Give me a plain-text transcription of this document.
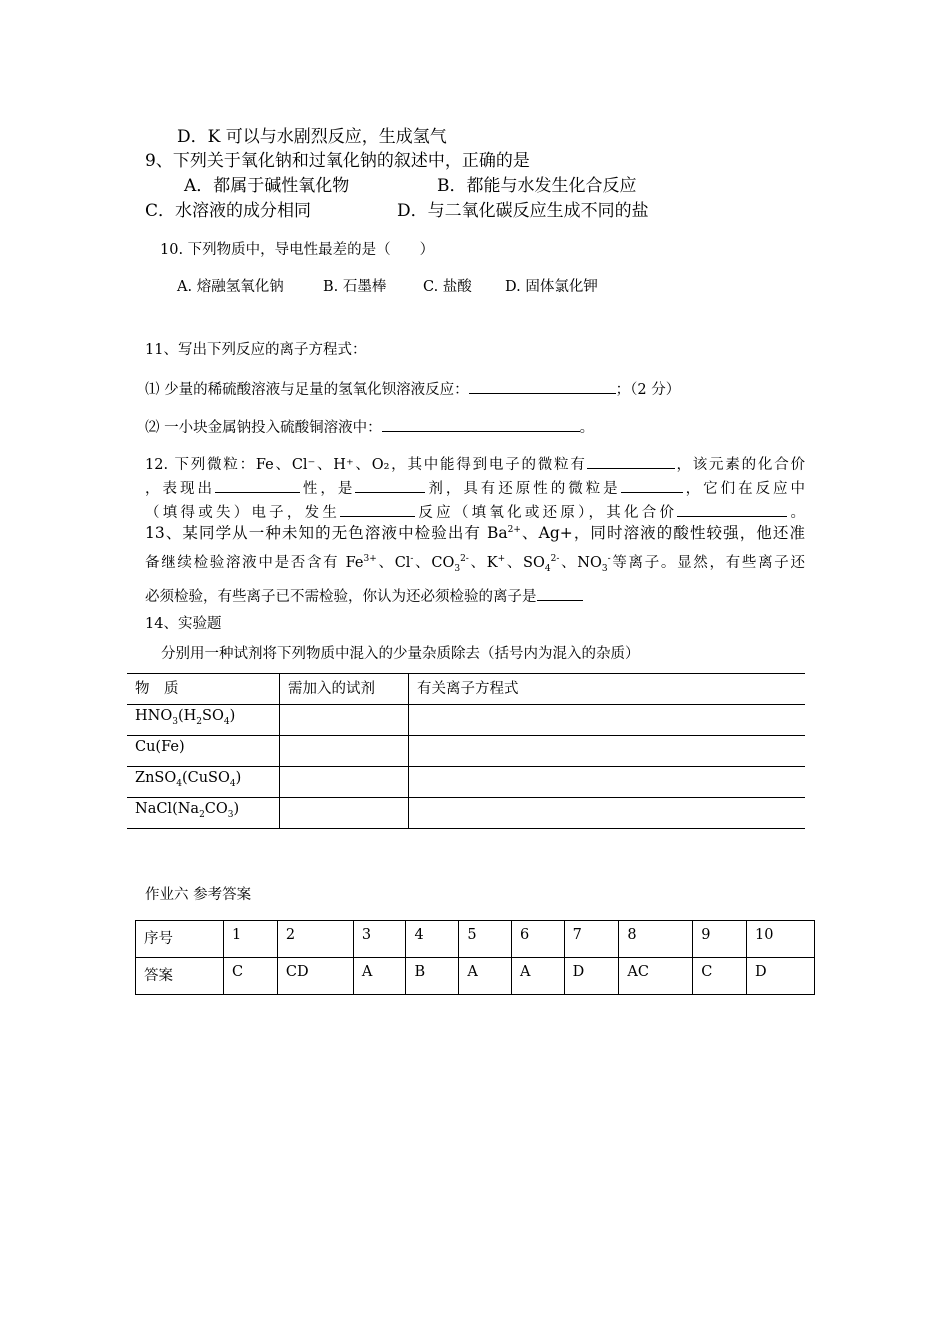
D．K 可以与水剧烈反应，生成氢气
9、下列关于氧化钠和过氧化钠的叙述中，正确的是
A．都属于碱性氧化物	B．都能与水发生化合反应
C．水溶液的成分相同	D．与二氧化碳反应生成不同的盐
10. 下列物质中，导电性最差的是（　　）
A. 熔融氢氧化钠	B. 石墨棒	C. 盐酸 D. 固体氯化钾
11、写出下列反应的离子方程式：
⑴ 少量的稀硫酸溶液与足量的氢氧化钡溶液反应：	；（2 分）
⑵ 一小块金属钠投入硫酸铜溶液中：	。
12. 下列微粒：Fe、Cl⁻、H⁺、O₂，其中能得到电子的微粒有	，该元素的化合价
，表现出	性，是	剂，具有还原性的微粒是	，它们在反应中
（填得或失）电子，发生	反应（填氧化或还原），其化合价	。
13、某同学从一种未知的无色溶液中检验出有 $Ba^{2+}$、Ag+，同时溶液的酸性较强，他还准
备继续检验溶液中是否含有 $Fe^{3+}$、Cl-、$CO_3^{2-}$、K+、$SO_4^{2-}$、$NO_3^-$等离子。显然，有些离子还
必须检验，有些离子已不需检验，你认为还必须检验的离子是
14、实验题
分别用一种试剂将下列物质中混入的少量杂质除去（括号内为混入的杂质）
物　质	需加入的试剂	有关离子方程式
$HNO_3(H_2SO_4)$		
Cu(Fe)		
ZnSO$_4$(CuSO$_4$)		
$NaCl(Na_2CO_3)$		
作业六 参考答案
序号	1	2	3	4	5	6	7	8	9	10
答案	C	CD	A	B	A	A	D	AC	C	D
